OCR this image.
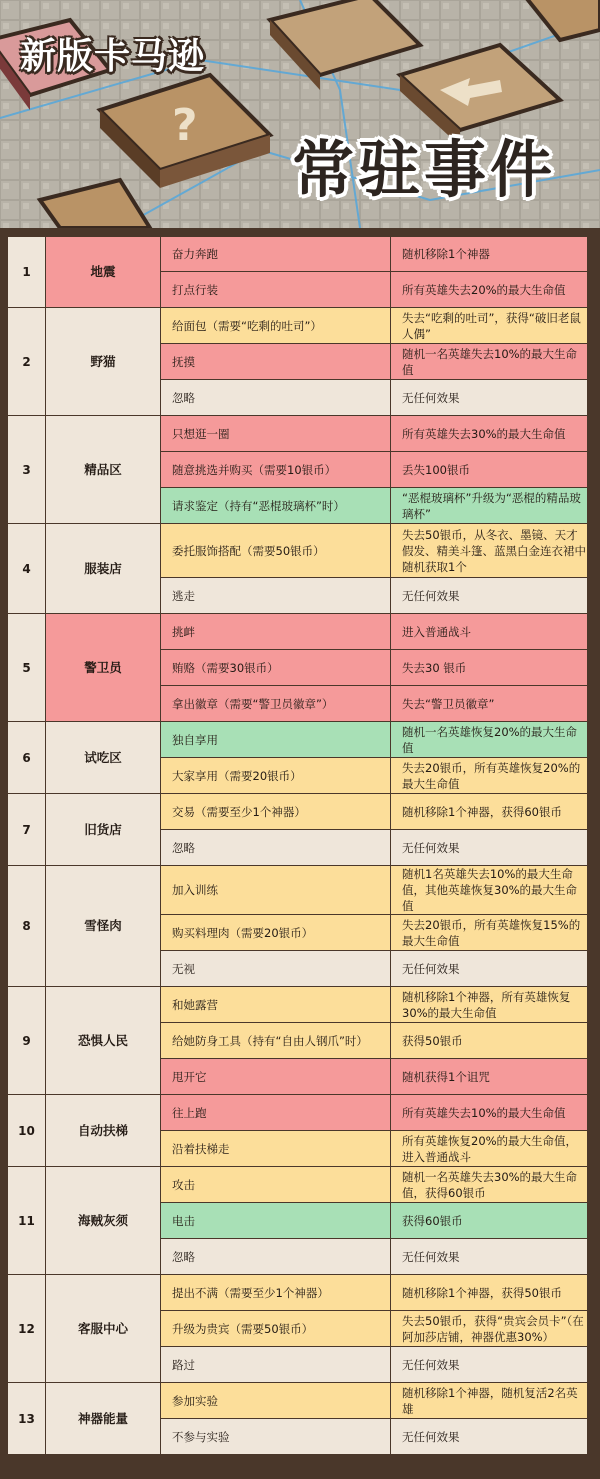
?
新版卡马逊
常驻事件
1	地震	奋力奔跑	随机移除1个神器
		打点行装	所有英雄失去20%的最大生命值
2	野猫	给面包（需要“吃剩的吐司”）	失去“吃剩的吐司”，获得“破旧老鼠人偶”
		抚摸	随机一名英雄失去10%的最大生命值
		忽略	无任何效果
3	精品区	只想逛一圈	所有英雄失去30%的最大生命值
		随意挑选并购买（需要10银币）	丢失100银币
		请求鉴定（持有“恶棍玻璃杯”时）	“恶棍玻璃杯”升级为“恶棍的精品玻璃杯”
4	服装店	委托服饰搭配（需要50银币）	失去50银币，从冬衣、墨镜、天才假发、精美斗篷、蓝黑白金连衣裙中随机获取1个
		逃走	无任何效果
5	警卫员	挑衅	进入普通战斗
		贿赂（需要30银币）	失去30 银币
		拿出徽章（需要“警卫员徽章”）	失去“警卫员徽章”
6	试吃区	独自享用	随机一名英雄恢复20%的最大生命值
		大家享用（需要20银币）	失去20银币，所有英雄恢复20%的最大生命值
7	旧货店	交易（需要至少1个神器）	随机移除1个神器，获得60银币
		忽略	无任何效果
8	雪怪肉	加入训练	随机1名英雄失去10%的最大生命值，其他英雄恢复30%的最大生命值
		购买料理肉（需要20银币）	失去20银币，所有英雄恢复15%的最大生命值
		无视	无任何效果
9	恐惧人民	和她露营	随机移除1个神器，所有英雄恢复30%的最大生命值
		给她防身工具（持有“自由人钢爪”时）	获得50银币
		甩开它	随机获得1个诅咒
10	自动扶梯	往上跑	所有英雄失去10%的最大生命值
		沿着扶梯走	所有英雄恢复20%的最大生命值，进入普通战斗
11	海贼灰须	攻击	随机一名英雄失去30%的最大生命值，获得60银币
		电击	获得60银币
		忽略	无任何效果
12	客服中心	提出不满（需要至少1个神器）	随机移除1个神器，获得50银币
		升级为贵宾（需要50银币）	失去50银币，获得“贵宾会员卡”（在阿加莎店铺，神器优惠30%）
		路过	无任何效果
13	神器能量	参加实验	随机移除1个神器，随机复活2名英雄
		不参与实验	无任何效果
